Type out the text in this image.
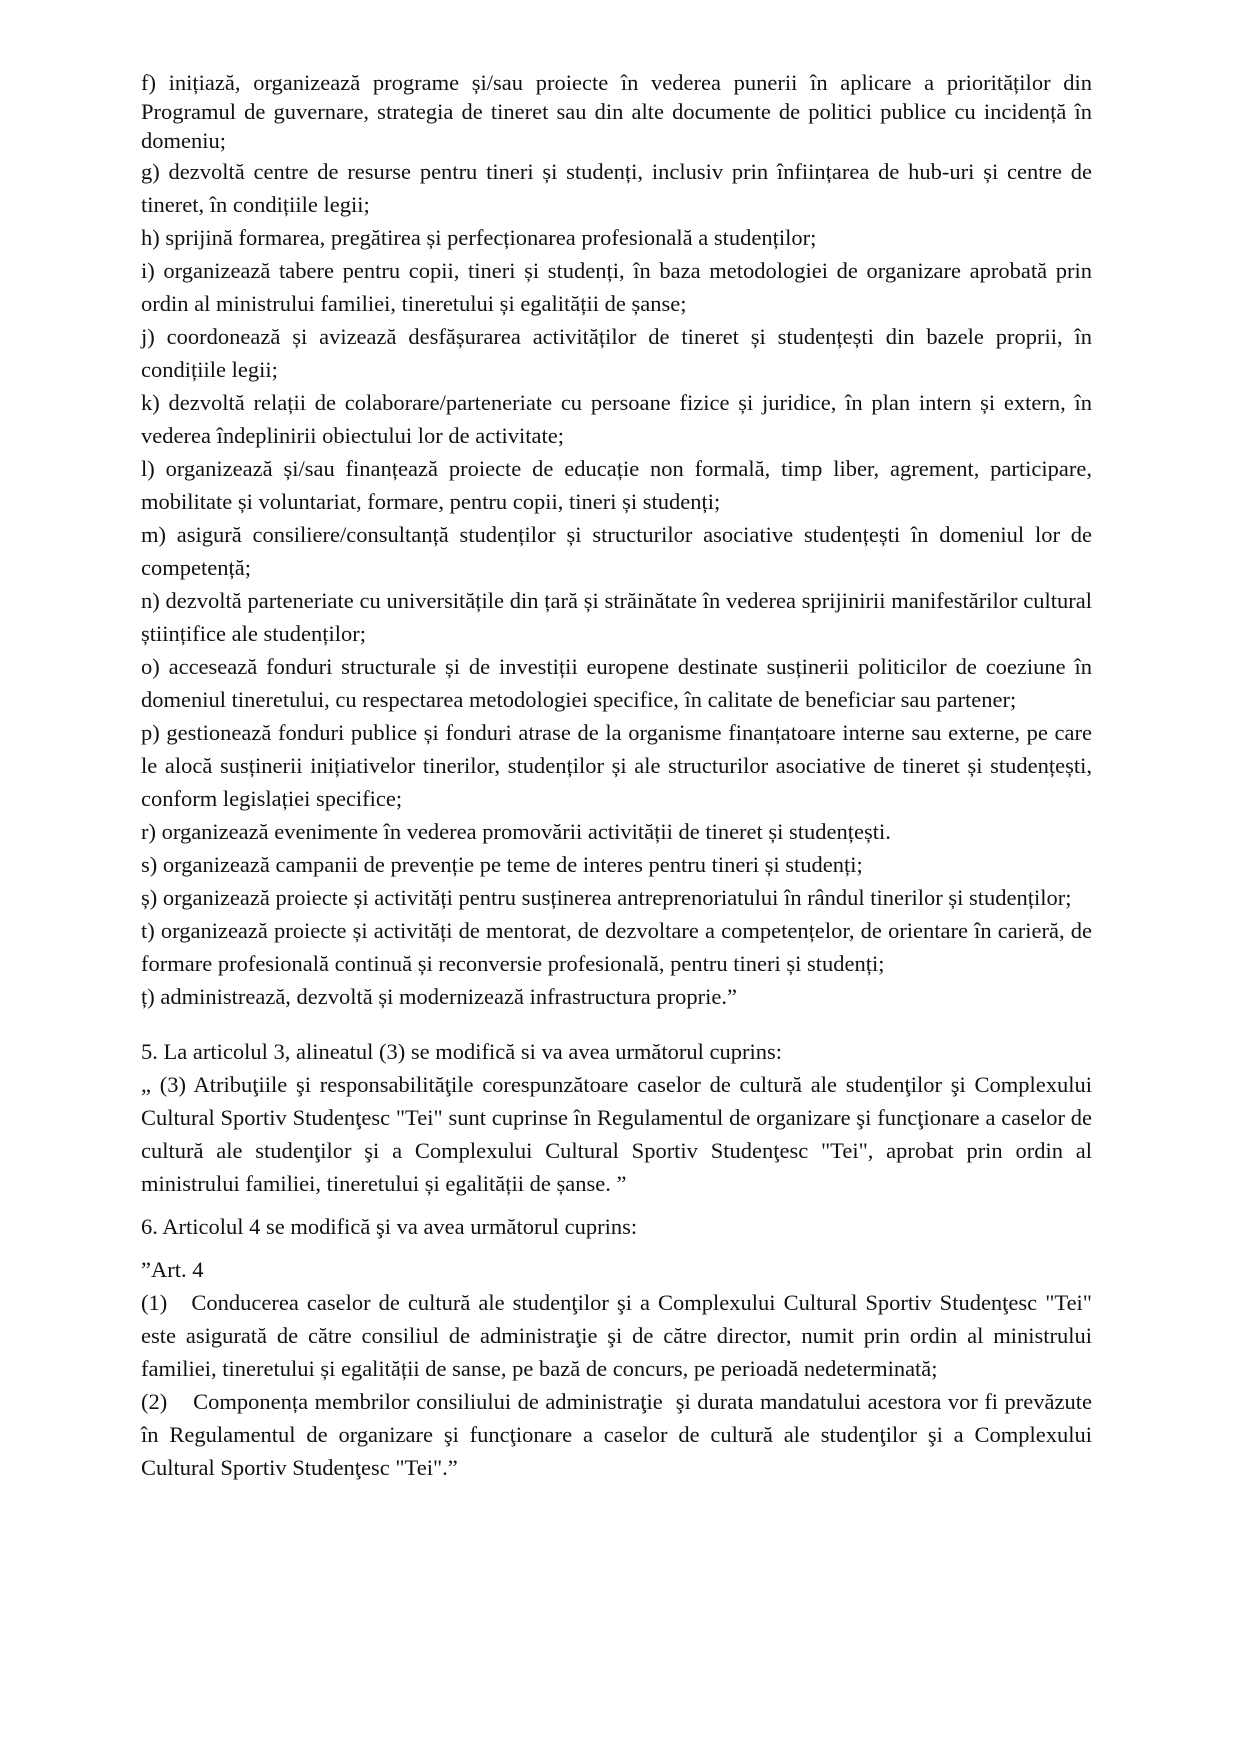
f) inițiază, organizează programe și/sau proiecte în vederea punerii în aplicare a priorităților din Programul de guvernare, strategia de tineret sau din alte documente de politici publice cu incidență în domeniu;

g) dezvoltă centre de resurse pentru tineri și studenți, inclusiv prin înființarea de hub-uri și centre de tineret, în condițiile legii;

h) sprijină formarea, pregătirea și perfecționarea profesională a studenților;

i) organizează tabere pentru copii, tineri și studenți, în baza metodologiei de organizare aprobată prin ordin al ministrului familiei, tineretului și egalității de șanse;

j) coordonează și avizează desfășurarea activităților de tineret și studențești din bazele proprii, în condițiile legii;

k) dezvoltă relații de colaborare/parteneriate cu persoane fizice și juridice, în plan intern și extern, în vederea îndeplinirii obiectului lor de activitate;

l) organizează și/sau finanțează proiecte de educație non formală, timp liber, agrement, participare, mobilitate și voluntariat, formare, pentru copii, tineri și studenți;

m) asigură consiliere/consultanță studenților și structurilor asociative studențești în domeniul lor de competență;

n) dezvoltă parteneriate cu universitățile din țară și străinătate în vederea sprijinirii manifestărilor cultural științifice ale studenților;

o) accesează fonduri structurale și de investiții europene destinate susținerii politicilor de coeziune în domeniul tineretului, cu respectarea metodologiei specifice, în calitate de beneficiar sau partener;

p) gestionează fonduri publice și fonduri atrase de la organisme finanțatoare interne sau externe, pe care le alocă susținerii inițiativelor tinerilor, studenților și ale structurilor asociative de tineret și studențești, conform legislației specifice;

r) organizează evenimente în vederea promovării activității de tineret și studențești.

s) organizează campanii de prevenție pe teme de interes pentru tineri și studenți;

ș) organizează proiecte și activități pentru susținerea antreprenoriatului în rândul tinerilor și studenților;

t) organizează proiecte și activități de mentorat, de dezvoltare a competențelor, de orientare în carieră, de formare profesională continuă și reconversie profesională, pentru tineri și studenți;

ț) administrează, dezvoltă și modernizează infrastructura proprie.”

5. La articolul 3, alineatul (3) se modifică si va avea următorul cuprins:

„ (3) Atribuţiile şi responsabilităţile corespunzătoare caselor de cultură ale studenţilor şi Complexului Cultural Sportiv Studenţesc "Tei" sunt cuprinse în Regulamentul de organizare şi funcţionare a caselor de cultură ale studenţilor şi a Complexului Cultural Sportiv Studenţesc "Tei", aprobat prin ordin al ministrului familiei, tineretului și egalității de șanse. ”

6. Articolul 4 se modifică şi va avea următorul cuprins:

”Art. 4

(1)   Conducerea caselor de cultură ale studenţilor şi a Complexului Cultural Sportiv Studenţesc "Tei" este asigurată de către consiliul de administraţie şi de către director, numit prin ordin al ministrului familiei, tineretului și egalității de sanse, pe bază de concurs, pe perioadă nedeterminată;

(2)    Componența membrilor consiliului de administraţie  şi durata mandatului acestora vor fi prevăzute în Regulamentul de organizare şi funcţionare a caselor de cultură ale studenţilor şi a Complexului Cultural Sportiv Studenţesc "Tei".”
